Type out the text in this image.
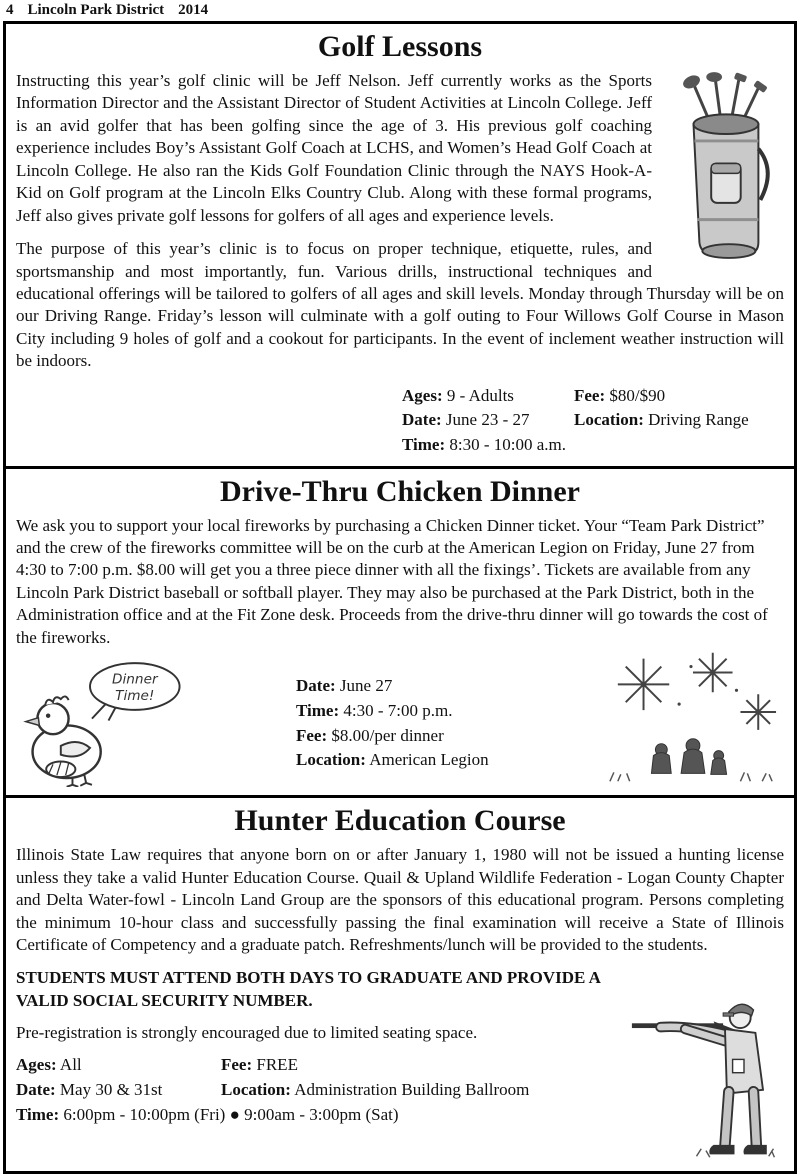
4 Lincoln Park District 2014
Golf Lessons

Instructing this year’s golf clinic will be Jeff Nelson. Jeff currently works as the Sports Information Director and the Assistant Director of Student Activities at Lincoln College. Jeff is an avid golfer that has been golfing since the age of 3. His previous golf coaching experience includes Boy’s Assistant Golf Coach at LCHS, and Women’s Head Golf Coach at Lincoln College. He also ran the Kids Golf Foundation Clinic through the NAYS Hook-A-Kid on Golf program at the Lincoln Elks Country Club. Along with these formal programs, Jeff also gives private golf lessons for golfers of all ages and experience levels.

The purpose of this year’s clinic is to focus on proper technique, etiquette, rules, and sportsmanship and most importantly, fun. Various drills, instructional techniques and educational offerings will be tailored to golfers of all ages and skill levels. Monday through Thursday will be on our Driving Range. Friday’s lesson will culminate with a golf outing to Four Willows Golf Course in Mason City including 9 holes of golf and a cookout for participants. In the event of inclement weather instruction will be indoors.

Ages: 9 - Adults
Date: June 23 - 27
Time: 8:30 - 10:00 a.m.
Fee: $80/$90
Location: Driving Range
Drive-Thru Chicken Dinner

We ask you to support your local fireworks by purchasing a Chicken Dinner ticket. Your “Team Park District” and the crew of the fireworks committee will be on the curb at the American Legion on Friday, June 27 from 4:30 to 7:00 p.m. $8.00 will get you a three piece dinner with all the fixings’. Tickets are available from any Lincoln Park District baseball or softball player. They may also be purchased at the Park District, both in the Administration office and at the Fit Zone desk. Proceeds from the drive-thru dinner will go towards the cost of the fireworks.

Dinner
Time!
Date: June 27
Time: 4:30 - 7:00 p.m.
Fee: $8.00/per dinner
Location: American Legion
Hunter Education Course

Illinois State Law requires that anyone born on or after January 1, 1980 will not be issued a hunting license unless they take a valid Hunter Education Course. Quail & Upland Wildlife Federation - Logan County Chapter and Delta Water-fowl - Lincoln Land Group are the sponsors of this educational program. Persons completing the minimum 10-hour class and successfully passing the final examination will receive a State of Illinois Certificate of Competency and a graduate patch. Refreshments/lunch will be provided to the students.

STUDENTS MUST ATTEND BOTH DAYS TO GRADUATE AND PROVIDE A VALID SOCIAL SECURITY NUMBER.

Pre-registration is strongly encouraged due to limited seating space.

Ages: All	Fee: FREE
Date: May 30 & 31st	Location: Administration Building Ballroom
Time: 6:00pm - 10:00pm (Fri) ● 9:00am - 3:00pm (Sat)
